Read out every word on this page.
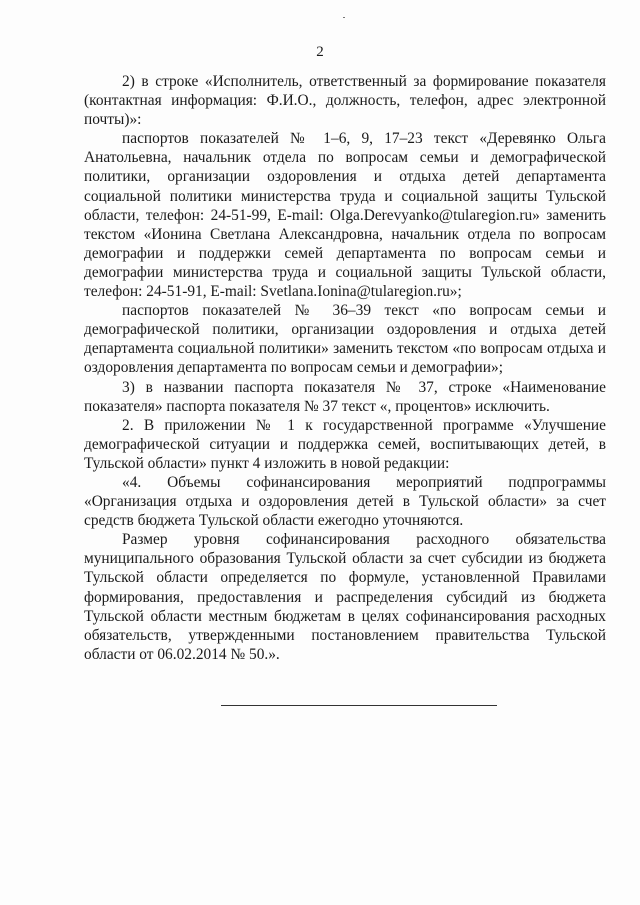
2

2) в строке «Исполнитель, ответственный за формирование показателя (контактная информация: Ф.И.О., должность, телефон, адрес электронной почты)»:

паспортов показателей № 1–6, 9, 17–23 текст «Деревянко Ольга Анатольевна, начальник отдела по вопросам семьи и демографической политики, организации оздоровления и отдыха детей департамента социальной политики министерства труда и социальной защиты Тульской области, телефон: 24-51-99, E-mail: Olga.Derevyanko@tularegion.ru» заменить текстом «Ионина Светлана Александровна, начальник отдела по вопросам демографии и поддержки семей департамента по вопросам семьи и демографии министерства труда и социальной защиты Тульской области, телефон: 24-51-91, E-mail: Svetlana.Ionina@tularegion.ru»;

паспортов показателей № 36–39 текст «по вопросам семьи и демографической политики, организации оздоровления и отдыха детей департамента социальной политики» заменить текстом «по вопросам отдыха и оздоровления департамента по вопросам семьи и демографии»;

3) в названии паспорта показателя № 37, строке «Наименование показателя» паспорта показателя № 37 текст «, процентов» исключить.

2. В приложении № 1 к государственной программе «Улучшение демографической ситуации и поддержка семей, воспитывающих детей, в Тульской области» пункт 4 изложить в новой редакции:

«4. Объемы софинансирования мероприятий подпрограммы «Организация отдыха и оздоровления детей в Тульской области» за счет средств бюджета Тульской области ежегодно уточняются.

Размер уровня софинансирования расходного обязательства муниципального образования Тульской области за счет субсидии из бюджета Тульской области определяется по формуле, установленной Правилами формирования, предоставления и распределения субсидий из бюджета Тульской области местным бюджетам в целях софинансирования расходных обязательств, утвержденными постановлением правительства Тульской области от 06.02.2014 № 50.».
